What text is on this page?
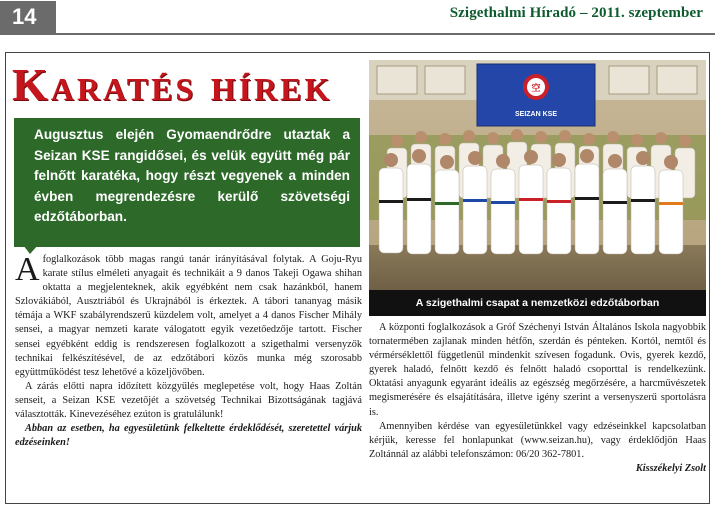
14	Szigethalmi Híradó – 2011. szeptember
Karatés hírek
Augusztus elején Gyomaendrődre utaztak a Seizan KSE rangidősei, és velük együtt még pár felnőtt karatéka, hogy részt vegyenek a minden évben megrendezésre kerülő szövetségi edzőtáborban.
空
SEIZAN KSE
A szigethalmi csapat a nemzetközi edzőtáborban

Afoglalkozások több magas rangú tanár irányításával folytak. A Goju-Ryu karate stílus elméleti anyagait és technikáit a 9 danos Takeji Ogawa shihan oktatta a megjelenteknek, akik egyébként nem csak hazánkból, hanem Szlovákiából, Ausztriából és Ukrajnából is érkeztek. A tábori tananyag másik témája a WKF szabályrendszerű küzdelem volt, amelyet a 4 danos Fischer Mihály sensei, a magyar nemzeti karate válogatott egyik vezetőedzője tartott. Fischer sensei egyébként eddig is rendszeresen foglalkozott a szigethalmi versenyzők technikai felkészítésével, de az edzőtábori közös munka még szorosabb együttműködést tesz lehetővé a közeljövőben.

A zárás előtti napra időzített közgyűlés meglepetése volt, hogy Haas Zoltán senseit, a Seizan KSE vezetőjét a szövetség Technikai Bizottságának tagjává választották. Kinevezéséhez ezúton is gratulálunk!

Abban az esetben, ha egyesületünk felkeltette érdeklődését, szeretettel várjuk edzéseinken!

A központi foglalkozások a Gróf Széchenyi István Általános Iskola nagyobbik tornatermében zajlanak minden hétfőn, szerdán és pénteken. Kortól, nemtől és vérmérséklettől függetlenül mindenkit szívesen fogadunk. Ovis, gyerek kezdő, gyerek haladó, felnőtt kezdő és felnőtt haladó csoporttal is rendelkezünk. Oktatási anyagunk egyaránt ideális az egészség megőrzésére, a harcművészetek megismerésére és elsajátítására, illetve igény szerint a versenyszerű sportolásra is.

Amennyiben kérdése van egyesületünkkel vagy edzéseinkkel kapcsolatban kérjük, keresse fel honlapunkat (www.seizan.hu), vagy érdeklődjön Haas Zoltánnál az alábbi telefonszámon: 06/20 362-7801.

Kisszékelyi Zsolt
